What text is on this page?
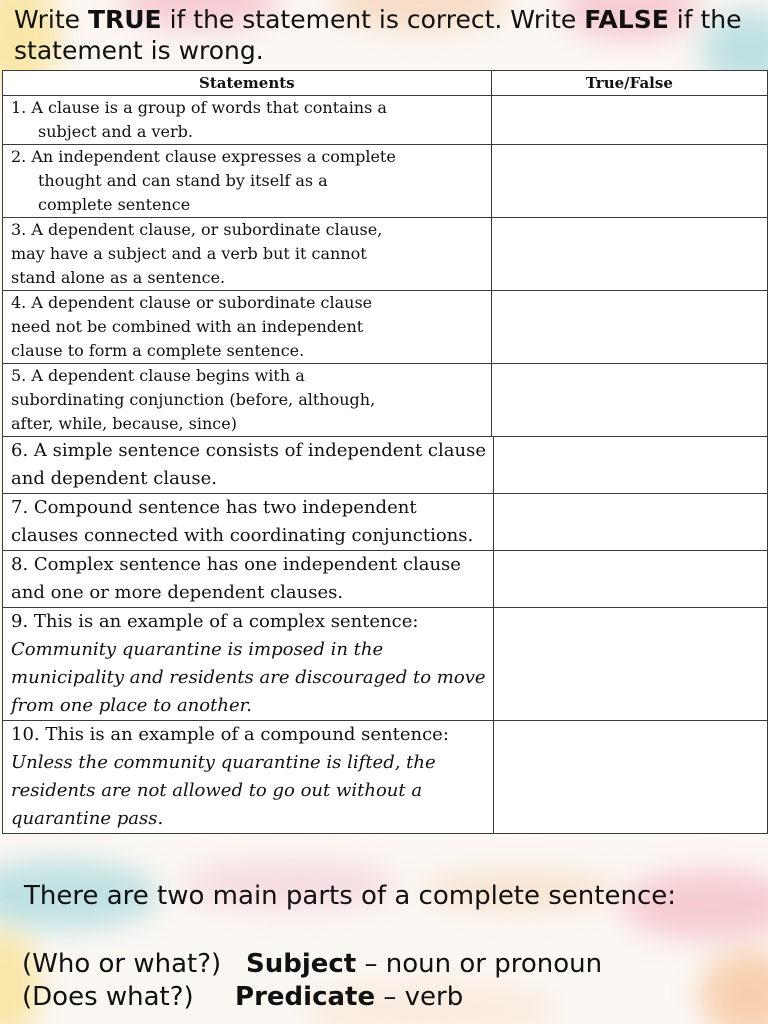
Write TRUE if the statement is correct. Write FALSE if the statement is wrong.

Statements	True/False

1. A clause is a group of words that contains a
subject and a verb.	

2. An independent clause expresses a complete
thought and can stand by itself as a
complete sentence	

3. A dependent clause, or subordinate clause,
may have a subject and a verb but it cannot
stand alone as a sentence.	

4. A dependent clause or subordinate clause
need not be combined with an independent
clause to form a complete sentence.	

5. A dependent clause begins with a
subordinating conjunction (before, although,
after, while, because, since)	

6. A simple sentence consists of independent clause and dependent clause.	
7. Compound sentence has two independent clauses connected with coordinating conjunctions.	
8. Complex sentence has one independent clause and one or more dependent clauses.	
9. This is an example of a complex sentence: Community quarantine is imposed in the municipality and residents are discouraged to move from one place to another.	
10. This is an example of a compound sentence: Unless the community quarantine is lifted, the residents are not allowed to go out without a quarantine pass.	

There are two main parts of a complete sentence:

(Who or what?) Subject – noun or pronoun

(Does what?) Predicate – verb
